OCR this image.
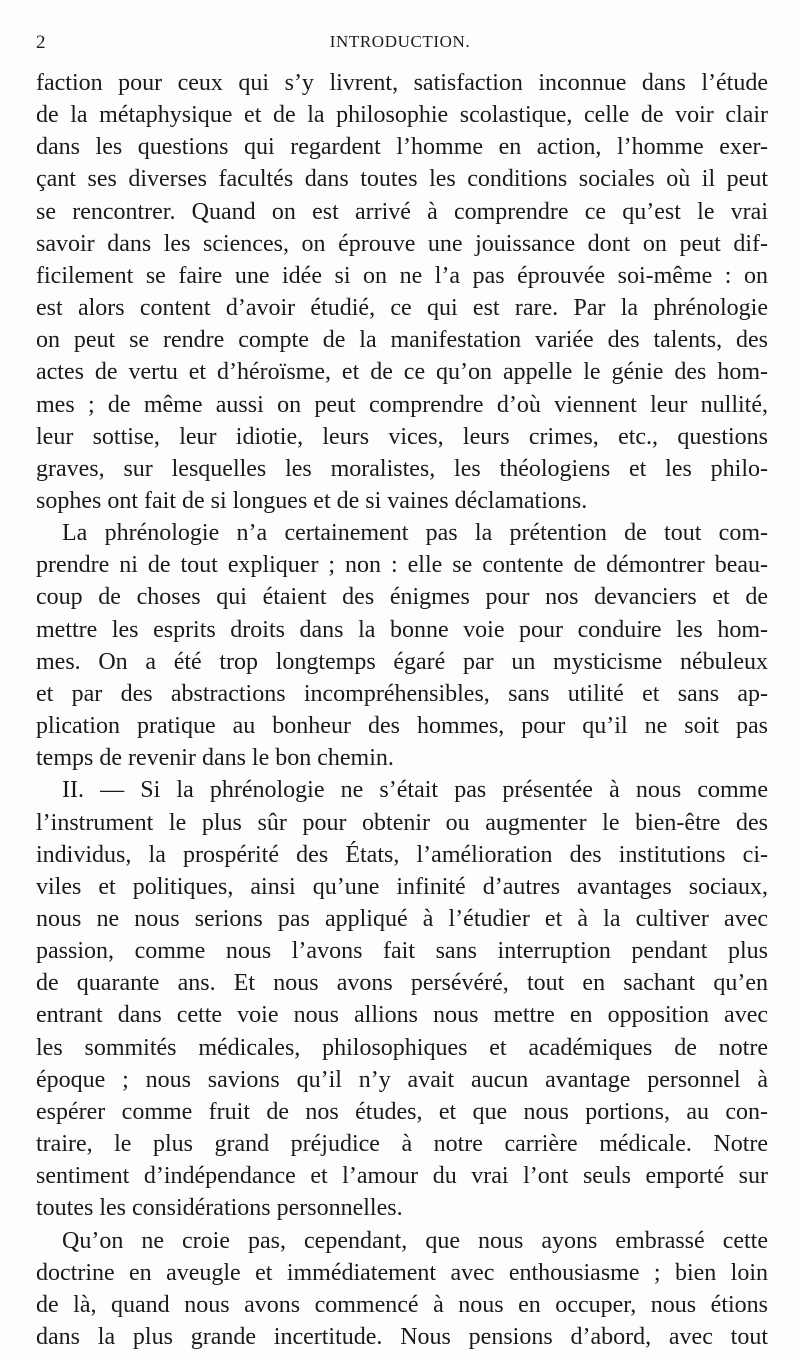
2	INTRODUCTION.
faction pour ceux qui s’y livrent, satisfaction inconnue dans l’étude
de la métaphysique et de la philosophie scolastique, celle de voir clair
dans les questions qui regardent l’homme en action, l’homme exer-
çant ses diverses facultés dans toutes les conditions sociales où il peut
se rencontrer. Quand on est arrivé à comprendre ce qu’est le vrai
savoir dans les sciences, on éprouve une jouissance dont on peut dif-
ficilement se faire une idée si on ne l’a pas éprouvée soi-même : on
est alors content d’avoir étudié, ce qui est rare. Par la phrénologie
on peut se rendre compte de la manifestation variée des talents, des
actes de vertu et d’héroïsme, et de ce qu’on appelle le génie des hom-
mes ; de même aussi on peut comprendre d’où viennent leur nullité,
leur sottise, leur idiotie, leurs vices, leurs crimes, etc., questions
graves, sur lesquelles les moralistes, les théologiens et les philo-
sophes ont fait de si longues et de si vaines déclamations.
La phrénologie n’a certainement pas la prétention de tout com-
prendre ni de tout expliquer ; non : elle se contente de démontrer beau-
coup de choses qui étaient des énigmes pour nos devanciers et de
mettre les esprits droits dans la bonne voie pour conduire les hom-
mes. On a été trop longtemps égaré par un mysticisme nébuleux
et par des abstractions incompréhensibles, sans utilité et sans ap-
plication pratique au bonheur des hommes, pour qu’il ne soit pas
temps de revenir dans le bon chemin.
II. — Si la phrénologie ne s’était pas présentée à nous comme
l’instrument le plus sûr pour obtenir ou augmenter le bien-être des
individus, la prospérité des États, l’amélioration des institutions ci-
viles et politiques, ainsi qu’une infinité d’autres avantages sociaux,
nous ne nous serions pas appliqué à l’étudier et à la cultiver avec
passion, comme nous l’avons fait sans interruption pendant plus
de quarante ans. Et nous avons persévéré, tout en sachant qu’en
entrant dans cette voie nous allions nous mettre en opposition avec
les sommités médicales, philosophiques et académiques de notre
époque ; nous savions qu’il n’y avait aucun avantage personnel à
espérer comme fruit de nos études, et que nous portions, au con-
traire, le plus grand préjudice à notre carrière médicale. Notre
sentiment d’indépendance et l’amour du vrai l’ont seuls emporté sur
toutes les considérations personnelles.
Qu’on ne croie pas, cependant, que nous ayons embrassé cette
doctrine en aveugle et immédiatement avec enthousiasme ; bien loin
de là, quand nous avons commencé à nous en occuper, nous étions
dans la plus grande incertitude. Nous pensions d’abord, avec tout
